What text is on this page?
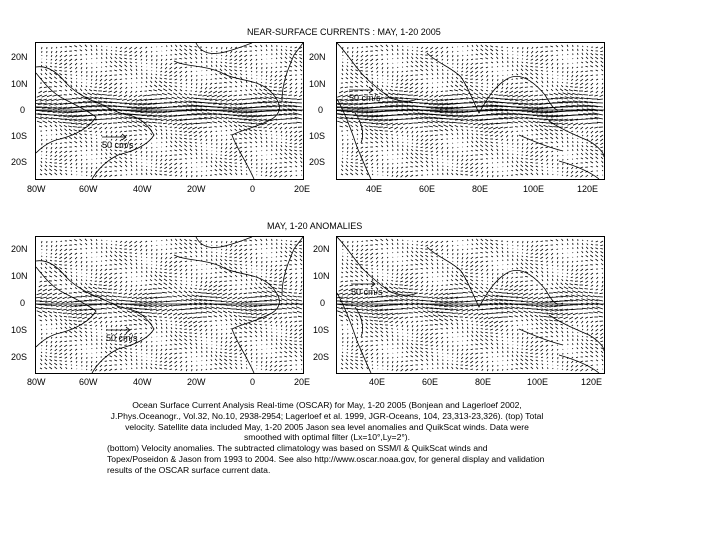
NEAR-SURFACE CURRENTS : MAY, 1-20 2005
50 cm/s
50 cm/s
20N
10N
0
10S
20S
20N
10N
0
10S
20S
80W	60W	40W	20W	0	20E	40E	60E	80E	100E	120E
MAY, 1-20 ANOMALIES
50 cm/s
50 cm/s
20N
10N
0
10S
20S
20N
10N
0
10S
20S
80W	60W	40W	20W	0	20E	40E	60E	80E	100E	120E

Ocean Surface Current Analysis Real-time (OSCAR) for May, 1-20 2005 (Bonjean and Lagerloef 2002, J.Phys.Oceanogr., Vol.32, No.10, 2938-2954; Lagerloef et al. 1999, JGR-Oceans, 104, 23,313-23,326). (top) Total velocity. Satellite data included May, 1-20 2005 Jason sea level anomalies and QuikScat winds. Data were smoothed with optimal filter (Lx=10°,Ly=2°).

(bottom) Velocity anomalies. The subtracted climatology was based on SSM/I & QuikScat winds and Topex/Poseidon & Jason from 1993 to 2004. See also http://www.oscar.noaa.gov, for general display and validation results of the OSCAR surface current data.
